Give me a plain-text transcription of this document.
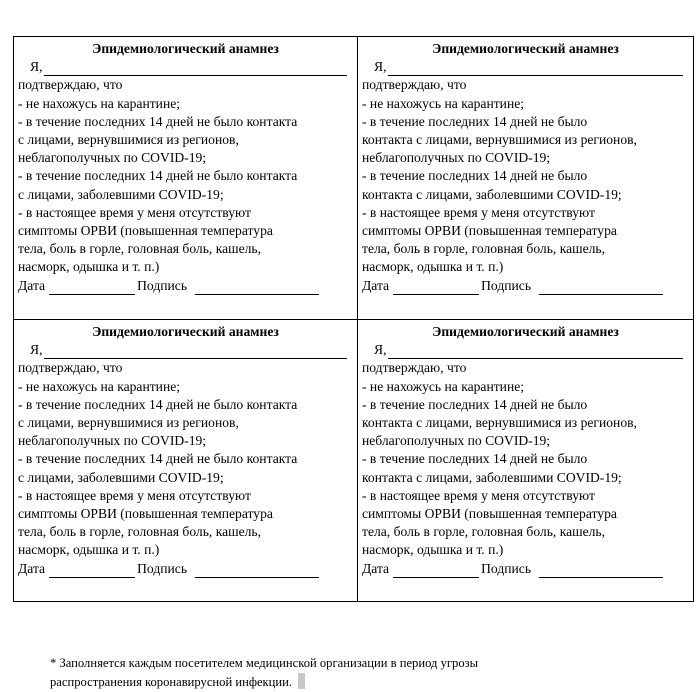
Эпидемиологический анамнез
Я,
подтверждаю, что
- не нахожусь на карантине;
- в течение последних 14 дней не было контакта
с лицами, вернувшимися из регионов,
неблагополучных по COVID-19;
- в течение последних 14 дней не было контакта
с лицами, заболевшими COVID-19;
- в настоящее время у меня отсутствуют
симптомы ОРВИ (повышенная температура
тела, боль в горле, головная боль, кашель,
насморк, одышка и т. п.)
Дата	Подпись
Эпидемиологический анамнез
Я,
подтверждаю, что
- не нахожусь на карантине;
- в течение последних 14 дней не было
контакта с лицами, вернувшимися из регионов,
неблагополучных по COVID-19;
- в течение последних 14 дней не было
контакта с лицами, заболевшими COVID-19;
- в настоящее время у меня отсутствуют
симптомы ОРВИ (повышенная температура
тела, боль в горле, головная боль, кашель,
насморк, одышка и т. п.)
Дата	Подпись
Эпидемиологический анамнез
Я,
подтверждаю, что
- не нахожусь на карантине;
- в течение последних 14 дней не было контакта
с лицами, вернувшимися из регионов,
неблагополучных по COVID-19;
- в течение последних 14 дней не было контакта
с лицами, заболевшими COVID-19;
- в настоящее время у меня отсутствуют
симптомы ОРВИ (повышенная температура
тела, боль в горле, головная боль, кашель,
насморк, одышка и т. п.)
Дата	Подпись
Эпидемиологический анамнез
Я,
подтверждаю, что
- не нахожусь на карантине;
- в течение последних 14 дней не было
контакта с лицами, вернувшимися из регионов,
неблагополучных по COVID-19;
- в течение последних 14 дней не было
контакта с лицами, заболевшими COVID-19;
- в настоящее время у меня отсутствуют
симптомы ОРВИ (повышенная температура
тела, боль в горле, головная боль, кашель,
насморк, одышка и т. п.)
Дата	Подпись
* Заполняется каждым посетителем медицинской организации в период угрозы
распространения коронавирусной инфекции.
